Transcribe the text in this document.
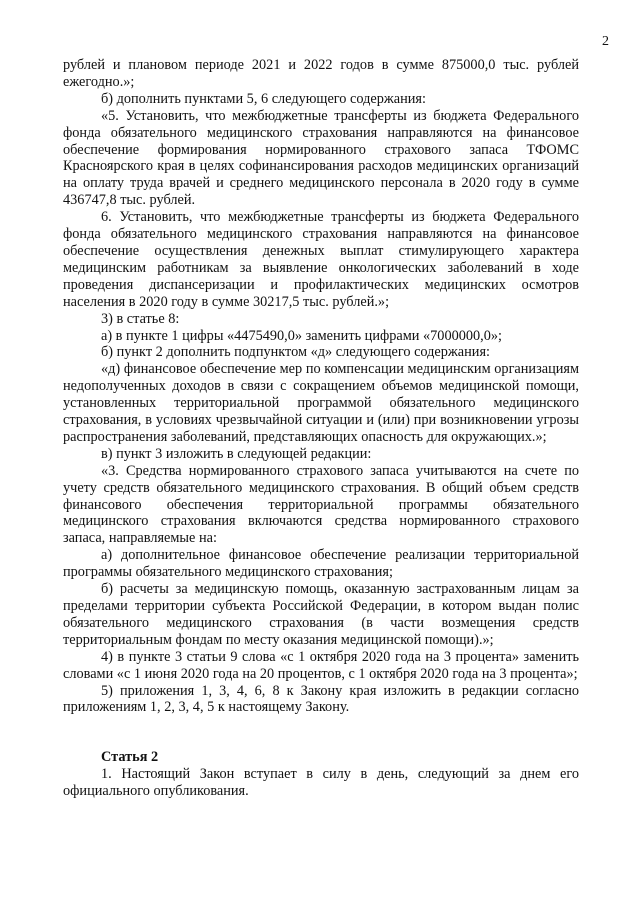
2

рублей и плановом периоде 2021 и 2022 годов в сумме 875000,0 тыс. рублей ежегодно.»;

б) дополнить пунктами 5, 6 следующего содержания:

«5. Установить, что межбюджетные трансферты из бюджета Федерального фонда обязательного медицинского страхования направляются на финансовое обеспечение формирования нормированного страхового запаса ТФОМС Красноярского края в целях софинансирования расходов медицинских организаций на оплату труда врачей и среднего медицинского персонала в 2020 году в сумме 436747,8 тыс. рублей.

6. Установить, что межбюджетные трансферты из бюджета Федерального фонда обязательного медицинского страхования направляются на финансовое обеспечение осуществления денежных выплат стимулирующего характера медицинским работникам за выявление онкологических заболеваний в ходе проведения диспансеризации и профилактических медицинских осмотров населения в 2020 году в сумме 30217,5 тыс. рублей.»;

3) в статье 8:

а) в пункте 1 цифры «4475490,0» заменить цифрами «7000000,0»;

б) пункт 2 дополнить подпунктом «д» следующего содержания:

«д) финансовое обеспечение мер по компенсации медицинским организациям недополученных доходов в связи с сокращением объемов медицинской помощи, установленных территориальной программой обязательного медицинского страхования, в условиях чрезвычайной ситуации и (или) при возникновении угрозы распространения заболеваний, представляющих опасность для окружающих.»;

в) пункт 3 изложить в следующей редакции:

«3. Средства нормированного страхового запаса учитываются на счете по учету средств обязательного медицинского страхования. В общий объем средств финансового обеспечения территориальной программы обязательного медицинского страхования включаются средства нормированного страхового запаса, направляемые на:

а) дополнительное финансовое обеспечение реализации территориальной программы обязательного медицинского страхования;

б) расчеты за медицинскую помощь, оказанную застрахованным лицам за пределами территории субъекта Российской Федерации, в котором выдан полис обязательного медицинского страхования (в части возмещения средств территориальным фондам по месту оказания медицинской помощи).»;

4) в пункте 3 статьи 9 слова «с 1 октября 2020 года на 3 процента» заменить словами «с 1 июня 2020 года на 20 процентов, с 1 октября 2020 года на 3 процента»;

5) приложения 1, 3, 4, 6, 8 к Закону края изложить в редакции согласно приложениям 1, 2, 3, 4, 5 к настоящему Закону.

Статья 2

1. Настоящий Закон вступает в силу в день, следующий за днем его официального опубликования.
